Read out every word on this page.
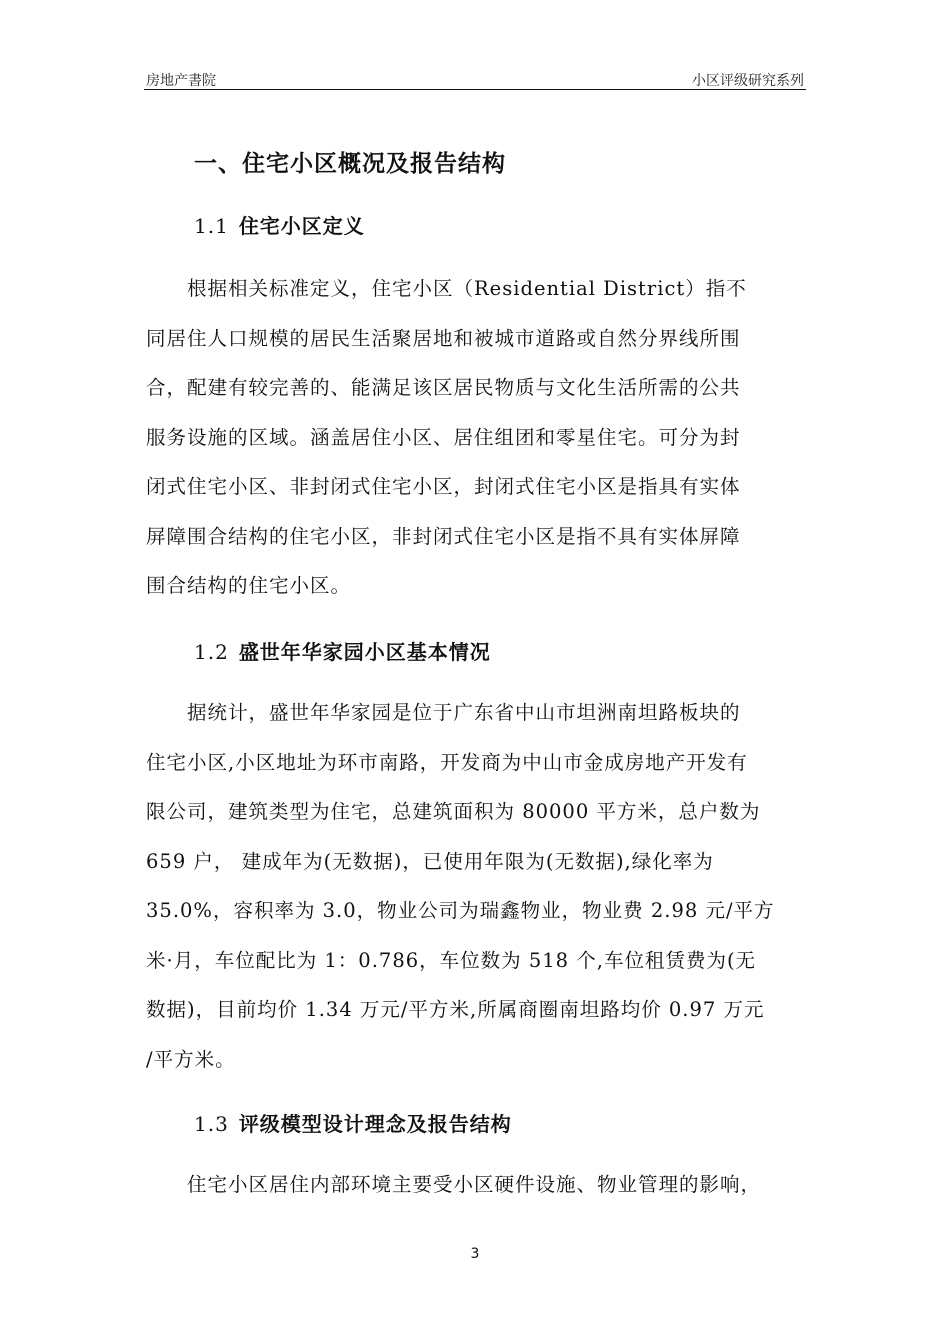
房地产書院	小区评级研究系列
一、住宅小区概况及报告结构
1.1 住宅小区定义
根据相关标准定义，住宅小区（Residential District）指不
同居住人口规模的居民生活聚居地和被城市道路或自然分界线所围
合，配建有较完善的、能满足该区居民物质与文化生活所需的公共
服务设施的区域。涵盖居住小区、居住组团和零星住宅。可分为封
闭式住宅小区、非封闭式住宅小区，封闭式住宅小区是指具有实体
屏障围合结构的住宅小区，非封闭式住宅小区是指不具有实体屏障
围合结构的住宅小区。
1.2 盛世年华家园小区基本情况
据统计，盛世年华家园是位于广东省中山市坦洲南坦路板块的
住宅小区,小区地址为环市南路，开发商为中山市金成房地产开发有
限公司，建筑类型为住宅，总建筑面积为 80000 平方米，总户数为
659 户， 建成年为(无数据)，已使用年限为(无数据),绿化率为
35.0%，容积率为 3.0，物业公司为瑞鑫物业，物业费 2.98 元/平方
米·月，车位配比为 1：0.786，车位数为 518 个,车位租赁费为(无
数据)，目前均价 1.34 万元/平方米,所属商圈南坦路均价 0.97 万元
/平方米。
1.3 评级模型设计理念及报告结构
住宅小区居住内部环境主要受小区硬件设施、物业管理的影响，
3
